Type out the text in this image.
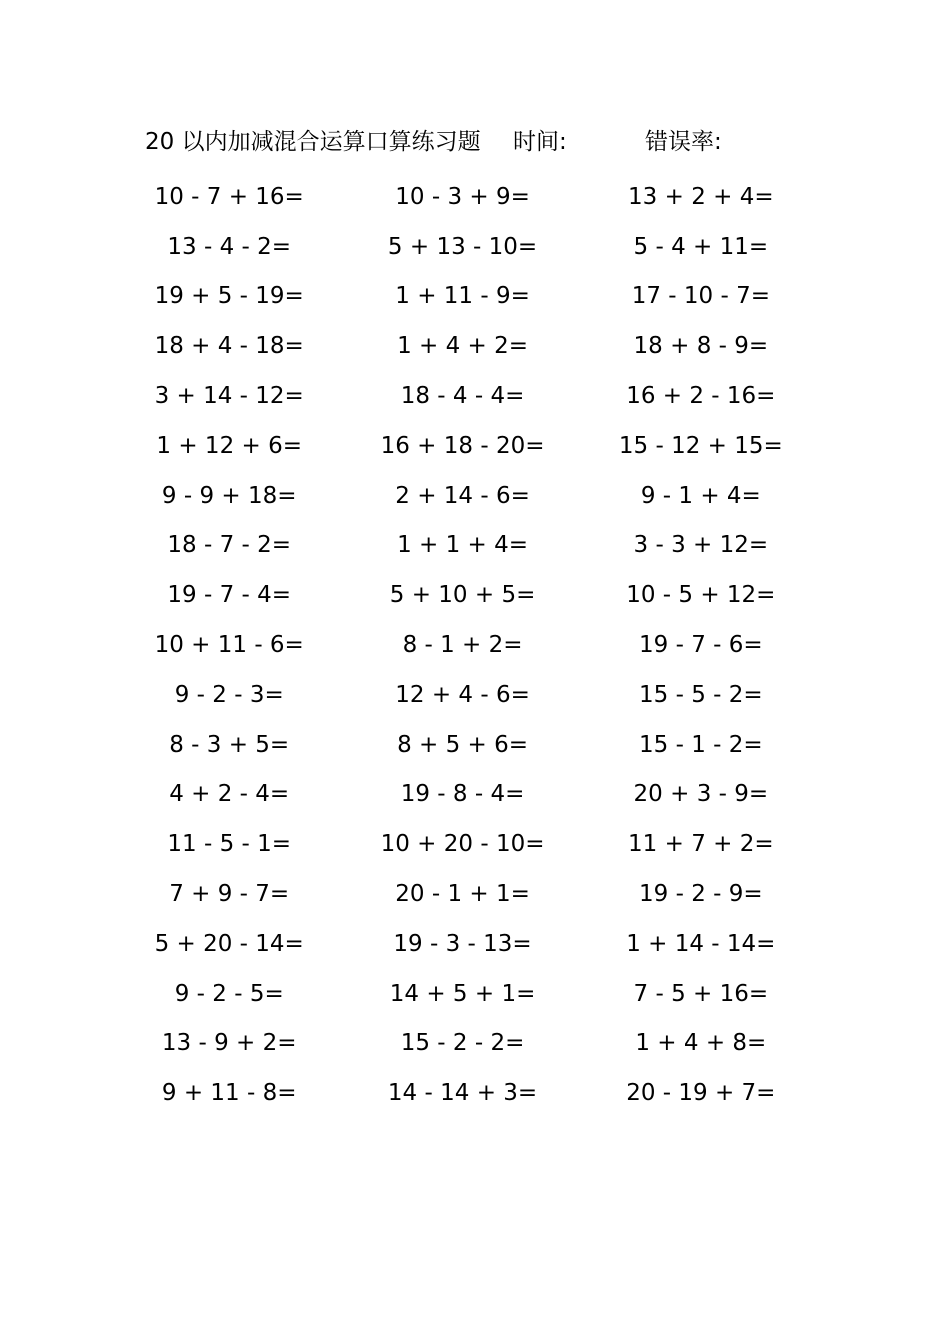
20 以内加减混合运算口算练习题 时间:	错误率:
10 - 7 + 16=	10 - 3 + 9=	13 + 2 + 4=
13 - 4 - 2=	5 + 13 - 10=	5 - 4 + 11=
19 + 5 - 19=	1 + 11 - 9=	17 - 10 - 7=
18 + 4 - 18=	1 + 4 + 2=	18 + 8 - 9=
3 + 14 - 12=	18 - 4 - 4=	16 + 2 - 16=
1 + 12 + 6=	16 + 18 - 20=	15 - 12 + 15=
9 - 9 + 18=	2 + 14 - 6=	9 - 1 + 4=
18 - 7 - 2=	1 + 1 + 4=	3 - 3 + 12=
19 - 7 - 4=	5 + 10 + 5=	10 - 5 + 12=
10 + 11 - 6=	8 - 1 + 2=	19 - 7 - 6=
9 - 2 - 3=	12 + 4 - 6=	15 - 5 - 2=
8 - 3 + 5=	8 + 5 + 6=	15 - 1 - 2=
4 + 2 - 4=	19 - 8 - 4=	20 + 3 - 9=
11 - 5 - 1=	10 + 20 - 10=	11 + 7 + 2=
7 + 9 - 7=	20 - 1 + 1=	19 - 2 - 9=
5 + 20 - 14=	19 - 3 - 13=	1 + 14 - 14=
9 - 2 - 5=	14 + 5 + 1=	7 - 5 + 16=
13 - 9 + 2=	15 - 2 - 2=	1 + 4 + 8=
9 + 11 - 8=	14 - 14 + 3=	20 - 19 + 7=
